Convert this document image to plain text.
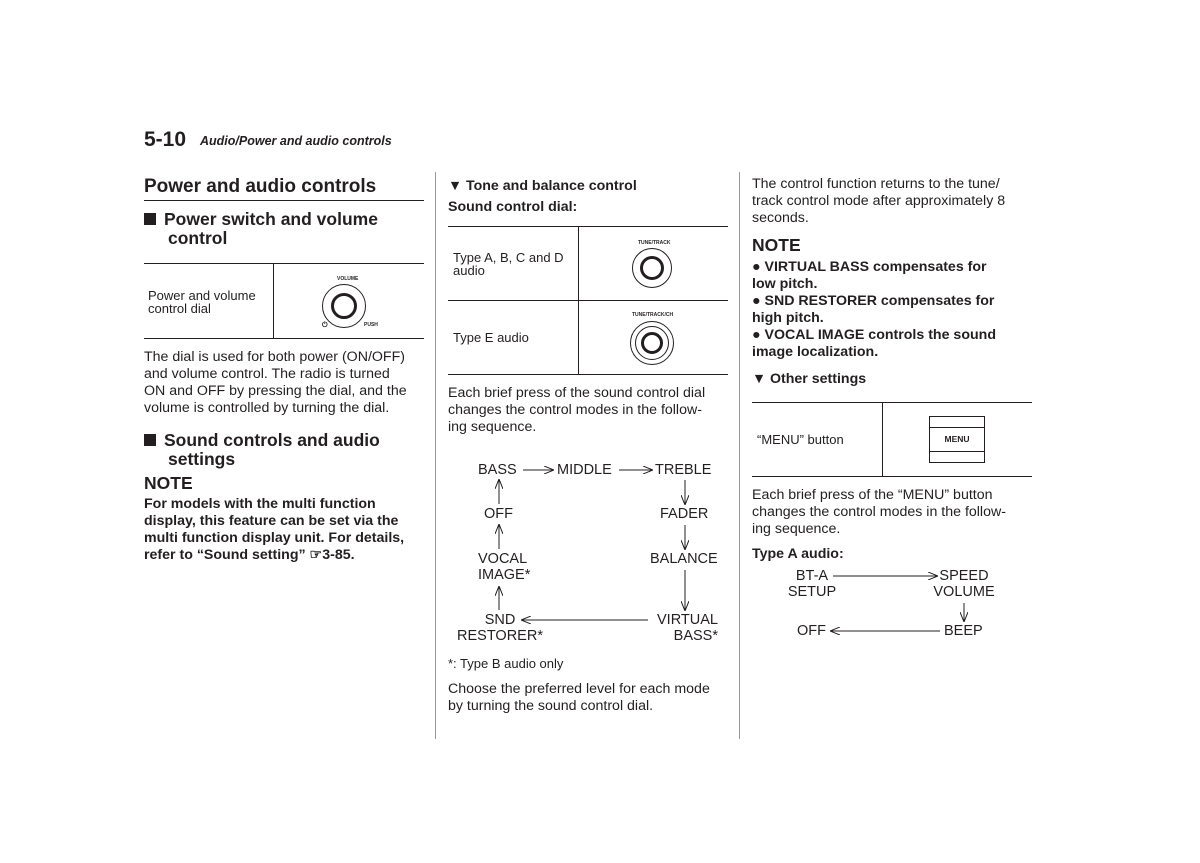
5-10 Audio/Power and audio controls
Power and audio controls
Power switch and volume
control
Power and volume
control dial
VOLUME
⏻	PUSH
The dial is used for both power (ON/OFF)
and volume control. The radio is turned
ON and OFF by pressing the dial, and the
volume is controlled by turning the dial.
Sound controls and audio
settings
NOTE
For models with the multi function
display, this feature can be set via the
multi function display unit. For details,
refer to “Sound setting” ☞3-85.
▼ Tone and balance control
Sound control dial:
Type A, B, C and D
audio
TUNE/TRACK
Type E audio
TUNE/TRACK/CH
Each brief press of the sound control dial
changes the control modes in the follow-
ing sequence.
BASS	MIDDLE	TREBLE
FADER
BALANCE
VIRTUAL
BASS*
SND
RESTORER*
VOCAL
IMAGE*
OFF
*: Type B audio only
Choose the preferred level for each mode
by turning the sound control dial.
The control function returns to the tune/
track control mode after approximately 8
seconds.
NOTE
● VIRTUAL BASS compensates for
low pitch.
● SND RESTORER compensates for
high pitch.
● VOCAL IMAGE controls the sound
image localization.
▼ Other settings
“MENU” button	MENU
Each brief press of the “MENU” button
changes the control modes in the follow-
ing sequence.
Type A audio:
BT-A
SETUP
SPEED
VOLUME
OFF	BEEP
